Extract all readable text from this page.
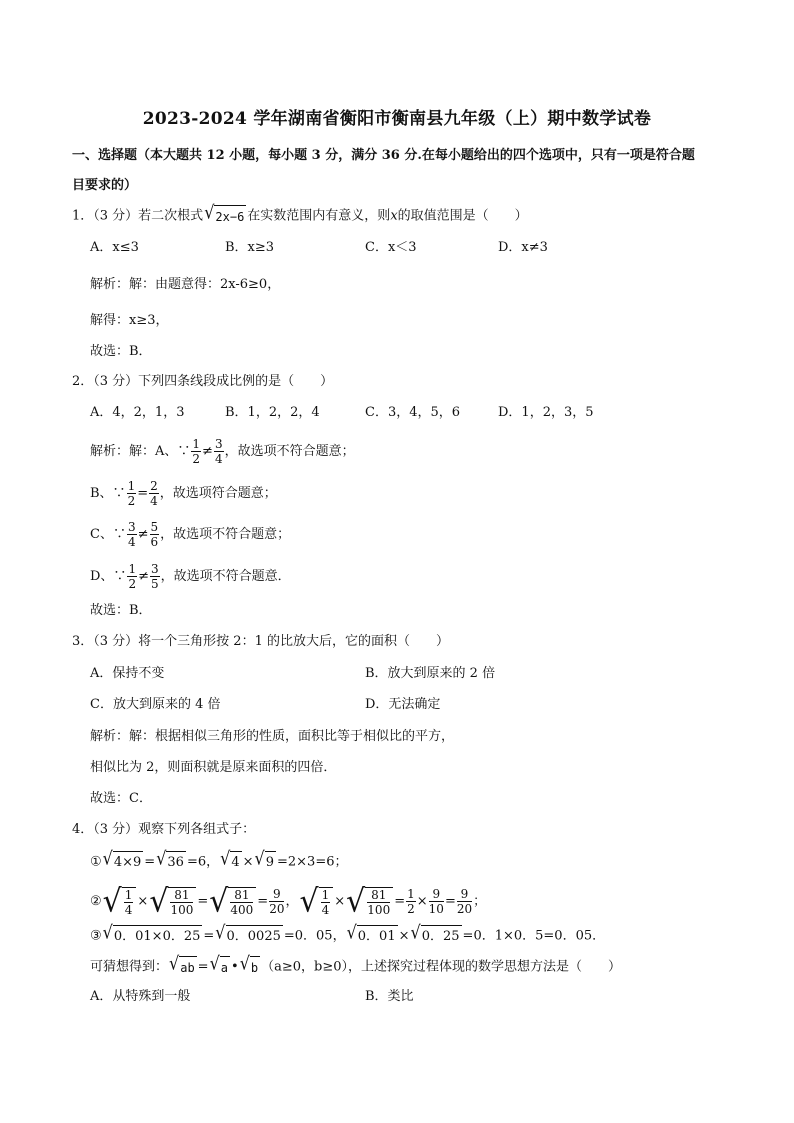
2023-2024 学年湖南省衡阳市衡南县九年级（上）期中数学试卷
一、选择题（本大题共 12 小题，每小题 3 分，满分 36 分.在每小题给出的四个选项中，只有一项是符合题
目要求的）
1．（3 分）若二次根式 √ 2x−6 在实数范围内有意义，则x的取值范围是（　　）
A．x≤3	B．x≥3	C．x＜3	D．x≠3
解析：解：由题意得：2x-6≥0，
解得：x≥3，
故选：B．
2．（3 分）下列四条线段成比例的是（　　）
A．4，2，1，3	B．1，2，2，4	C．3，4，5，6	D．1，2，3，5
解析：解：A、∵ $\frac{1}{2} \ne \frac{3}{4}$ ，故选项不符合题意；
B、∵ $\frac{1}{2} = \frac{2}{4}$ ，故选项符合题意；
C、∵ $\frac{3}{4} \ne \frac{5}{6}$ ，故选项不符合题意；
D、∵ $\frac{1}{2} \ne \frac{3}{5}$ ，故选项不符合题意．
故选：B．
3．（3 分）将一个三角形按 2：1 的比放大后，它的面积（　　）
A．保持不变	B．放大到原来的 2 倍
C．放大到原来的 4 倍	D．无法确定
解析：解：根据相似三角形的性质，面积比等于相似比的平方，
相似比为 2，则面积就是原来面积的四倍．
故选：C．
4．（3 分）观察下列各组式子：
① √ 4×9 = √ 36 =6， √ 4 × √ 9 =2×3=6；
② √ $\frac{1}{4}$ × √ $\frac{81}{100}$ = √ $\frac{81}{400} = \frac{9}{20}$ ， √ $\frac{1}{4}$ × √ $\frac{81}{100} = \frac{1}{2} \times \frac{9}{10} = \frac{9}{20}$ ；
③ √ 0．01×0．25 = √ 0．0025 =0．05， √ 0．01 × √ 0．25 =0．1×0．5=0．05．
可猜想得到： √ ab = √ a • √ b （a≥0，b≥0），上述探究过程体现的数学思想方法是（　　）
A．从特殊到一般	B．类比
